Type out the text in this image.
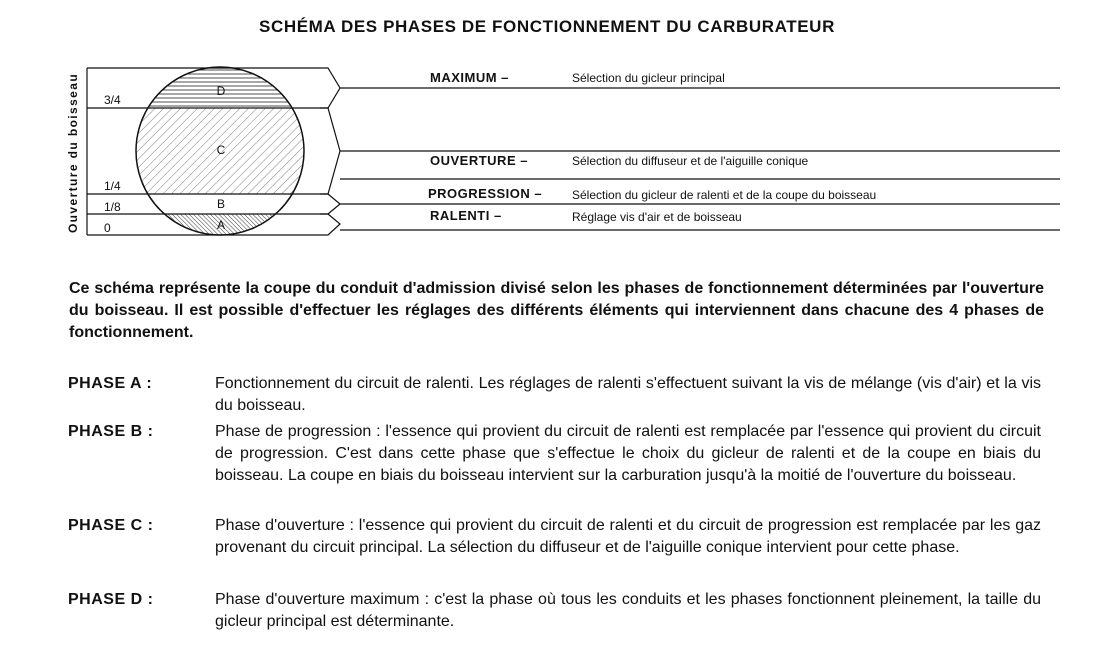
SCHÉMA DES PHASES DE FONCTIONNEMENT DU CARBURATEUR
Ouverture du boisseau 3/4
1/4
1/8
0
D
C
B
A
MAXIMUM –
OUVERTURE –
PROGRESSION –
RALENTI –
Sélection du gicleur principal
Sélection du diffuseur et de l'aiguille conique
Sélection du gicleur de ralenti et de la coupe du boisseau
Réglage vis d'air et de boisseau
Ce schéma représente la coupe du conduit d'admission divisé selon les phases de fonctionnement déterminées par l'ouverture du boisseau. Il est possible d'effectuer les réglages des différents éléments qui interviennent dans chacune des 4 phases de fonctionnement.
PHASE A :	Fonctionnement du circuit de ralenti. Les réglages de ralenti s'effectuent suivant la vis de mélange (vis d'air) et la vis du boisseau.
PHASE B :	Phase de progression : l'essence qui provient du circuit de ralenti est remplacée par l'essence qui provient du circuit de progression. C'est dans cette phase que s'effectue le choix du gicleur de ralenti et de la coupe en biais du boisseau. La coupe en biais du boisseau intervient sur la carburation jusqu'à la moitié de l'ouverture du boisseau.
PHASE C :	Phase d'ouverture : l'essence qui provient du circuit de ralenti et du circuit de progression est remplacée par les gaz provenant du circuit principal. La sélection du diffuseur et de l'aiguille conique intervient pour cette phase.
PHASE D :	Phase d'ouverture maximum : c'est la phase où tous les conduits et les phases fonctionnent pleinement, la taille du gicleur principal est déterminante.
